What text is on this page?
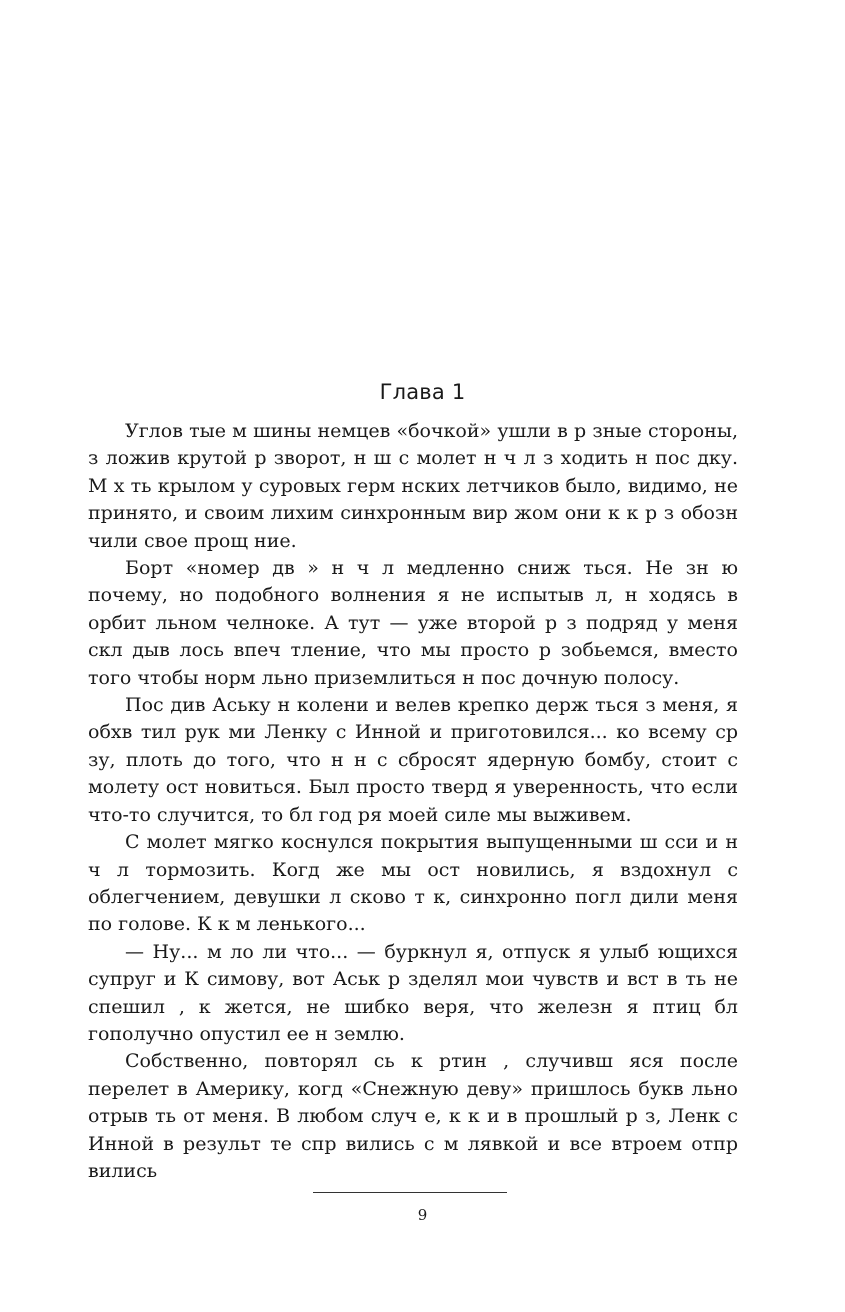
Глава 1

Углов тые м шины немцев «бочкой» ушли в р зные стороны, з ложив крутой р зворот, н ш с молет н ч л з ходить н пос дку. М х ть крылом у суровых герм нских летчиков было, видимо, не принято, и своим лихим синхронным вир жом они к к р з обозн чили свое прощ ние.

Борт «номер дв » н ч л медленно сниж ться. Не зн ю почему, но подобного волнения я не испытыв л, н ходясь в орбит льном челноке. А тут — уже второй р з подряд у меня скл дыв лось впеч тление, что мы просто р зобьемся, вместо того чтобы норм льно приземлиться н пос дочную полосу.

Пос див Аську н колени и велев крепко держ ться з меня, я обхв тил рук ми Ленку с Инной и приготовился... ко всему ср зу, плоть до того, что н н с сбросят ядерную бомбу, стоит с молету ост новиться. Был просто тверд я уверенность, что если что-то случится, то бл год ря моей силе мы выживем.

С молет мягко коснулся покрытия выпущенными ш сси и н ч л тормозить. Когд же мы ост новились, я вздохнул с облегчением, девушки л сково т к, синхронно погл дили меня по голове. К к м ленького...

— Ну... м ло ли что... — буркнул я, отпуск я улыб ющихся супруг и К симову, вот Аськ р зделял мои чувств и вст в ть не спешил , к жется, не шибко веря, что железн я птиц бл гополучно опустил ее н землю.

Собственно, повторял сь к ртин , случивш яся после перелет в Америку, когд «Снежную деву» пришлось букв льно отрыв ть от меня. В любом случ е, к к и в прошлый р з, Ленк с Инной в результ те спр вились с м лявкой и все втроем отпр вились

9
